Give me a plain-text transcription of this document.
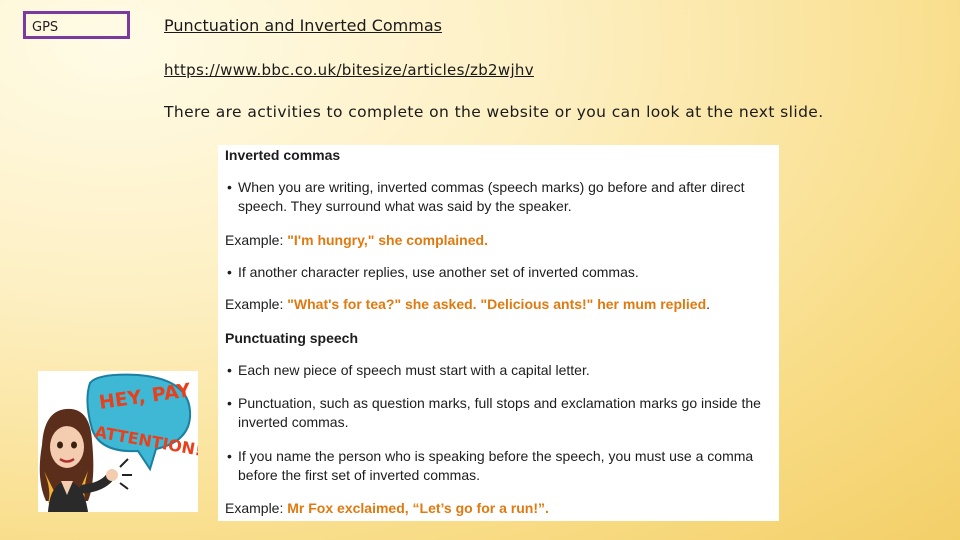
GPS	Punctuation and Inverted Commas
https://www.bbc.co.uk/bitesize/articles/zb2wjhv
There are activities to complete on the website or you can look at the next slide.
Inverted commas
• When you are writing, inverted commas (speech marks) go before and after direct speech. They surround what was said by the speaker.
Example: "I'm hungry," she complained.
• If another character replies, use another set of inverted commas.
Example: "What's for tea?" she asked. "Delicious ants!" her mum replied.
Punctuating speech
• Each new piece of speech must start with a capital letter.
• Punctuation, such as question marks, full stops and exclamation marks go inside the inverted commas.
• If you name the person who is speaking before the speech, you must use a comma before the first set of inverted commas.
Example: Mr Fox exclaimed, “Let’s go for a run!”.
HEY, PAY
ATTENTION!
